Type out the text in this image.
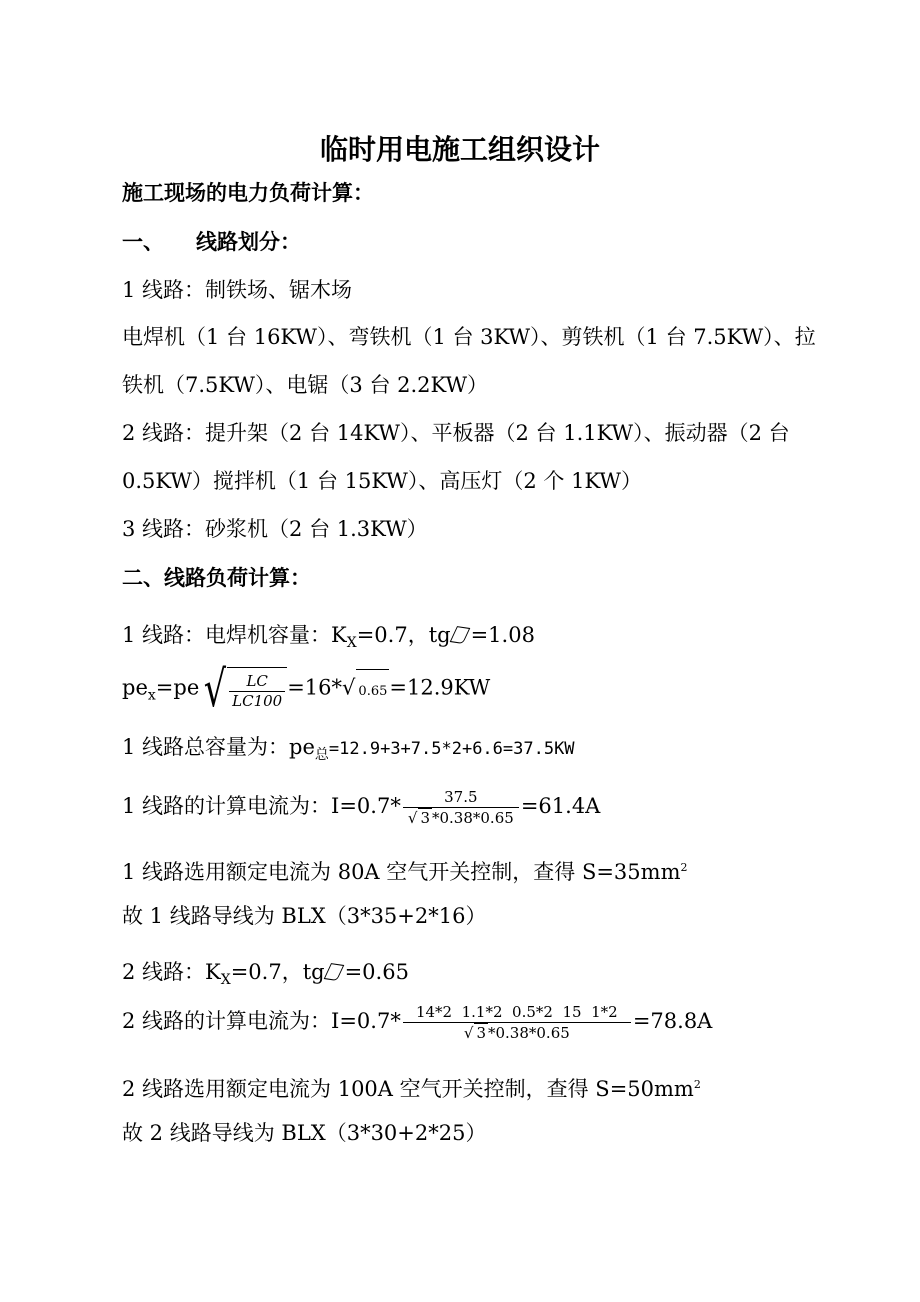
临时用电施工组织设计
施工现场的电力负荷计算：
一、 线路划分：
1 线路：制铁场、锯木场
电焊机（1 台 16KW）、弯铁机（1 台 3KW）、剪铁机（1 台 7.5KW）、拉
铁机（7.5KW）、电锯（3 台 2.2KW）
2 线路：提升架（2 台 14KW）、平板器（2 台 1.1KW）、振动器（2 台
0.5KW）搅拌机（1 台 15KW）、高压灯（2 个 1KW）
3 线路：砂浆机（2 台 1.3KW）
二、线路负荷计算：
1 线路：电焊机容量：$K_X=0.7$，tg =1.08
$pe_x=pe√ \frac{LC}{LC100} =16*√$ 0.65=12.9KW
1 线路总容量为：$pe_总=12.9+3+7.5*2+6.6=37.5KW$
1 线路的计算电流为：$I=0.7* \frac{37.5}{√ 3 *0.38*0.65} =61.4A$
1 线路选用额定电流为 80A 空气开关控制，查得 $S=35mm^2$
故 1 线路导线为 BLX（3*35+2*16）
2 线路：$K_X=0.7$，tg =0.65
2 线路的计算电流为：$I=0.7* \frac{14*2 1.1*2 0.5*2 15 1*2}{√ 3 *0.38*0.65} =78.8A$
2 线路选用额定电流为 100A 空气开关控制，查得 $S=50mm^2$
故 2 线路导线为 BLX（3*30+2*25）
